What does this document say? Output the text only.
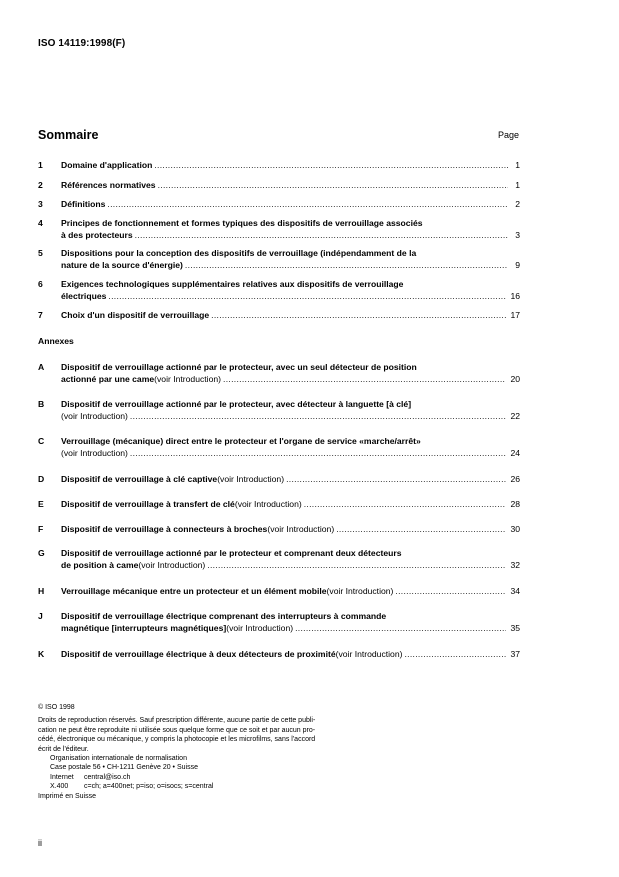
ISO 14119:1998(F)
Sommaire	Page
1 Domaine d'application .....	1
2 Références normatives .....	1
3 Définitions .....	2
4 Principes de fonctionnement et formes typiques des dispositifs de verrouillage associés
à des protecteurs .....	3
5 Dispositions pour la conception des dispositifs de verrouillage (indépendamment de la
nature de la source d'énergie) .....	9
6 Exigences technologiques supplémentaires relatives aux dispositifs de verrouillage
électriques .....	16
7 Choix d'un dispositif de verrouillage .....	17
Annexes
A Dispositif de verrouillage actionné par le protecteur, avec un seul détecteur de position
actionné par une came (voir Introduction) .....	20
B Dispositif de verrouillage actionné par le protecteur, avec détecteur à languette [à clé]
(voir Introduction) .....	22
C Verrouillage (mécanique) direct entre le protecteur et l'organe de service «marche/arrêt»
(voir Introduction) .....	24
D Dispositif de verrouillage à clé captive (voir Introduction) .....	26
E Dispositif de verrouillage à transfert de clé (voir Introduction) .....	28
F Dispositif de verrouillage à connecteurs à broches (voir Introduction) .....	30
G Dispositif de verrouillage actionné par le protecteur et comprenant deux détecteurs
de position à came (voir Introduction) .....	32
H Verrouillage mécanique entre un protecteur et un élément mobile (voir Introduction) .....	34
J Dispositif de verrouillage électrique comprenant des interrupteurs à commande
magnétique [interrupteurs magnétiques] (voir Introduction) .....	35
K Dispositif de verrouillage électrique à deux détecteurs de proximité (voir Introduction) .....	37

© ISO 1998

Droits de reproduction réservés. Sauf prescription différente, aucune partie de cette publi-

cation ne peut être reproduite ni utilisée sous quelque forme que ce soit et par aucun pro-

cédé, électronique ou mécanique, y compris la photocopie et les microfilms, sans l'accord

écrit de l'éditeur.

Organisation internationale de normalisation

Case postale 56 • CH-1211 Genève 20 • Suisse

Internet	central@iso.ch
X.400	c=ch; a=400net; p=iso; o=isocs; s=central

Imprimé en Suisse

ii
